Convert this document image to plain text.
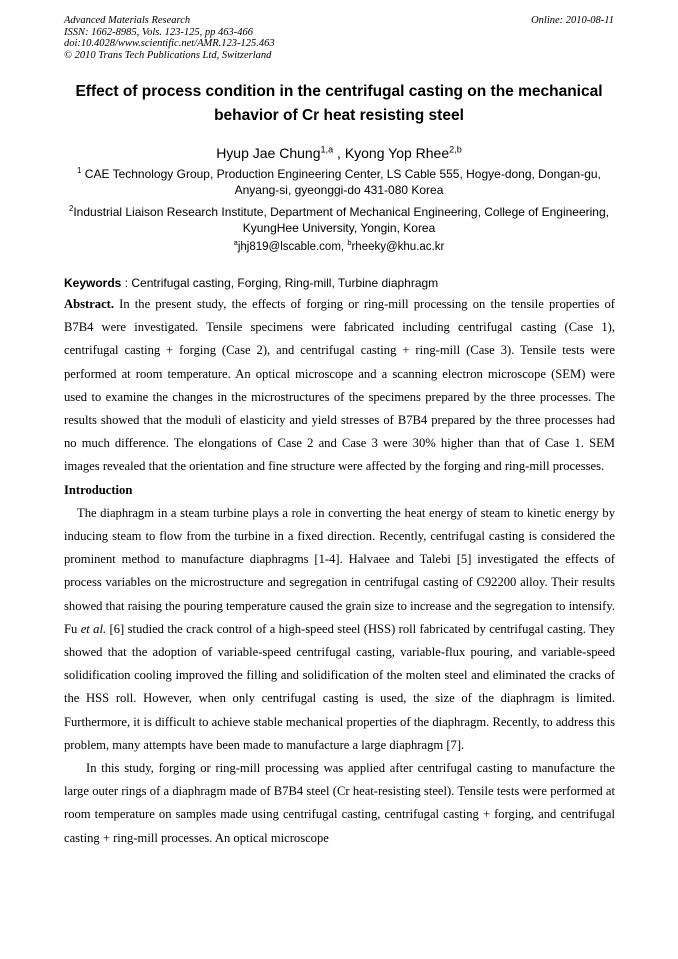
Advanced Materials Research
ISSN: 1662-8985, Vols. 123-125, pp 463-466
doi:10.4028/www.scientific.net/AMR.123-125.463
© 2010 Trans Tech Publications Ltd, Switzerland
Online: 2010-08-11
Effect of process condition in the centrifugal casting on the mechanical
behavior of Cr heat resisting steel
Hyup Jae Chung$^{1,a}$ , Kyong Yop Rhee$^{2,b}$
$^1$ CAE Technology Group, Production Engineering Center, LS Cable 555, Hogye-dong, Dongan-gu, Anyang-si, gyeonggi-do 431-080 Korea
$^2$Industrial Liaison Research Institute, Department of Mechanical Engineering, College of Engineering, KyungHee University, Yongin, Korea
$^a$jhj819@lscable.com, $^b$rheeky@khu.ac.kr
Keywords : Centrifugal casting, Forging, Ring-mill, Turbine diaphragm

Abstract. In the present study, the effects of forging or ring-mill processing on the tensile properties of B7B4 were investigated. Tensile specimens were fabricated including centrifugal casting (Case 1), centrifugal casting + forging (Case 2), and centrifugal casting + ring-mill (Case 3). Tensile tests were performed at room temperature. An optical microscope and a scanning electron microscope (SEM) were used to examine the changes in the microstructures of the specimens prepared by the three processes. The results showed that the moduli of elasticity and yield stresses of B7B4 prepared by the three processes had no much difference. The elongations of Case 2 and Case 3 were 30% higher than that of Case 1. SEM images revealed that the orientation and fine structure were affected by the forging and ring-mill processes.

Introduction

The diaphragm in a steam turbine plays a role in converting the heat energy of steam to kinetic energy by inducing steam to flow from the turbine in a fixed direction. Recently, centrifugal casting is considered the prominent method to manufacture diaphragms [1-4]. Halvaee and Talebi [5] investigated the effects of process variables on the microstructure and segregation in centrifugal casting of C92200 alloy. Their results showed that raising the pouring temperature caused the grain size to increase and the segregation to intensify. Fu et al. [6] studied the crack control of a high-speed steel (HSS) roll fabricated by centrifugal casting. They showed that the adoption of variable-speed centrifugal casting, variable-flux pouring, and variable-speed solidification cooling improved the filling and solidification of the molten steel and eliminated the cracks of the HSS roll. However, when only centrifugal casting is used, the size of the diaphragm is limited. Furthermore, it is difficult to achieve stable mechanical properties of the diaphragm. Recently, to address this problem, many attempts have been made to manufacture a large diaphragm [7].

In this study, forging or ring-mill processing was applied after centrifugal casting to manufacture the large outer rings of a diaphragm made of B7B4 steel (Cr heat-resisting steel). Tensile tests were performed at room temperature on samples made using centrifugal casting, centrifugal casting + forging, and centrifugal casting + ring-mill processes. An optical microscope
